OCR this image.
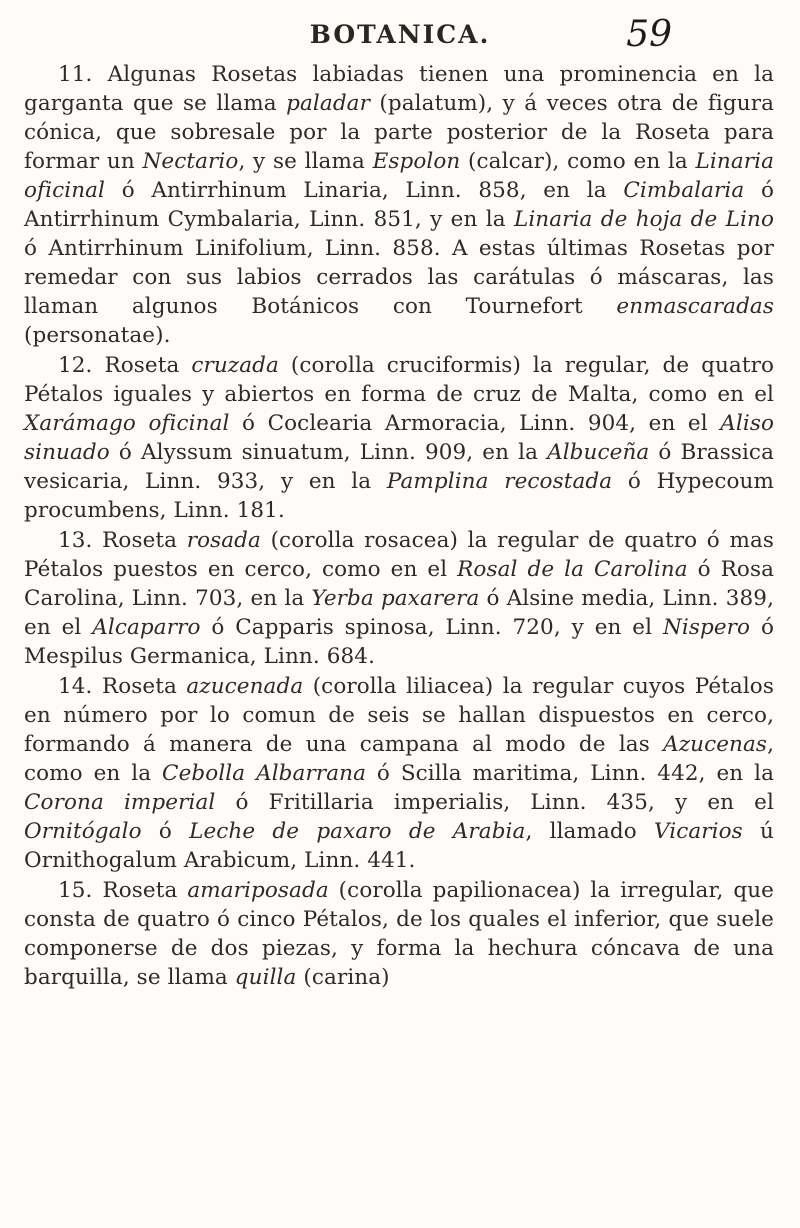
BOTANICA.	59

11. Algunas Rosetas labiadas tienen una prominencia en la garganta que se llama paladar (palatum), y á veces otra de figura cónica, que sobresale por la parte posterior de la Roseta para formar un Nectario, y se llama Espolon (calcar), como en la Linaria oficinal ó Antirrhinum Linaria, Linn. 858, en la Cimbalaria ó Antirrhinum Cymbalaria, Linn. 851, y en la Linaria de hoja de Lino ó Antirrhinum Linifolium, Linn. 858. A estas últimas Rosetas por remedar con sus labios cerrados las carátulas ó máscaras, las llaman algunos Botánicos con Tournefort enmascaradas (personatae).

12. Roseta cruzada (corolla cruciformis) la regular, de quatro Pétalos iguales y abiertos en forma de cruz de Malta, como en el Xarámago oficinal ó Coclearia Armoracia, Linn. 904, en el Aliso sinuado ó Alyssum sinuatum, Linn. 909, en la Albuceña ó Brassica vesicaria, Linn. 933, y en la Pamplina recostada ó Hypecoum procumbens, Linn. 181.

13. Roseta rosada (corolla rosacea) la regular de quatro ó mas Pétalos puestos en cerco, como en el Rosal de la Carolina ó Rosa Carolina, Linn. 703, en la Yerba paxarera ó Alsine media, Linn. 389, en el Alcaparro ó Capparis spinosa, Linn. 720, y en el Nispero ó Mespilus Germanica, Linn. 684.

14. Roseta azucenada (corolla liliacea) la regular cuyos Pétalos en número por lo comun de seis se hallan dispuestos en cerco, formando á manera de una campana al modo de las Azucenas, como en la Cebolla Albarrana ó Scilla maritima, Linn. 442, en la Corona imperial ó Fritillaria imperialis, Linn. 435, y en el Ornitógalo ó Leche de paxaro de Arabia, llamado Vicarios ú Ornithogalum Arabicum, Linn. 441.

15. Roseta amariposada (corolla papilionacea) la irregular, que consta de quatro ó cinco Pétalos, de los quales el inferior, que suele componerse de dos piezas, y forma la hechura cóncava de una barquilla, se llama quilla (carina)
